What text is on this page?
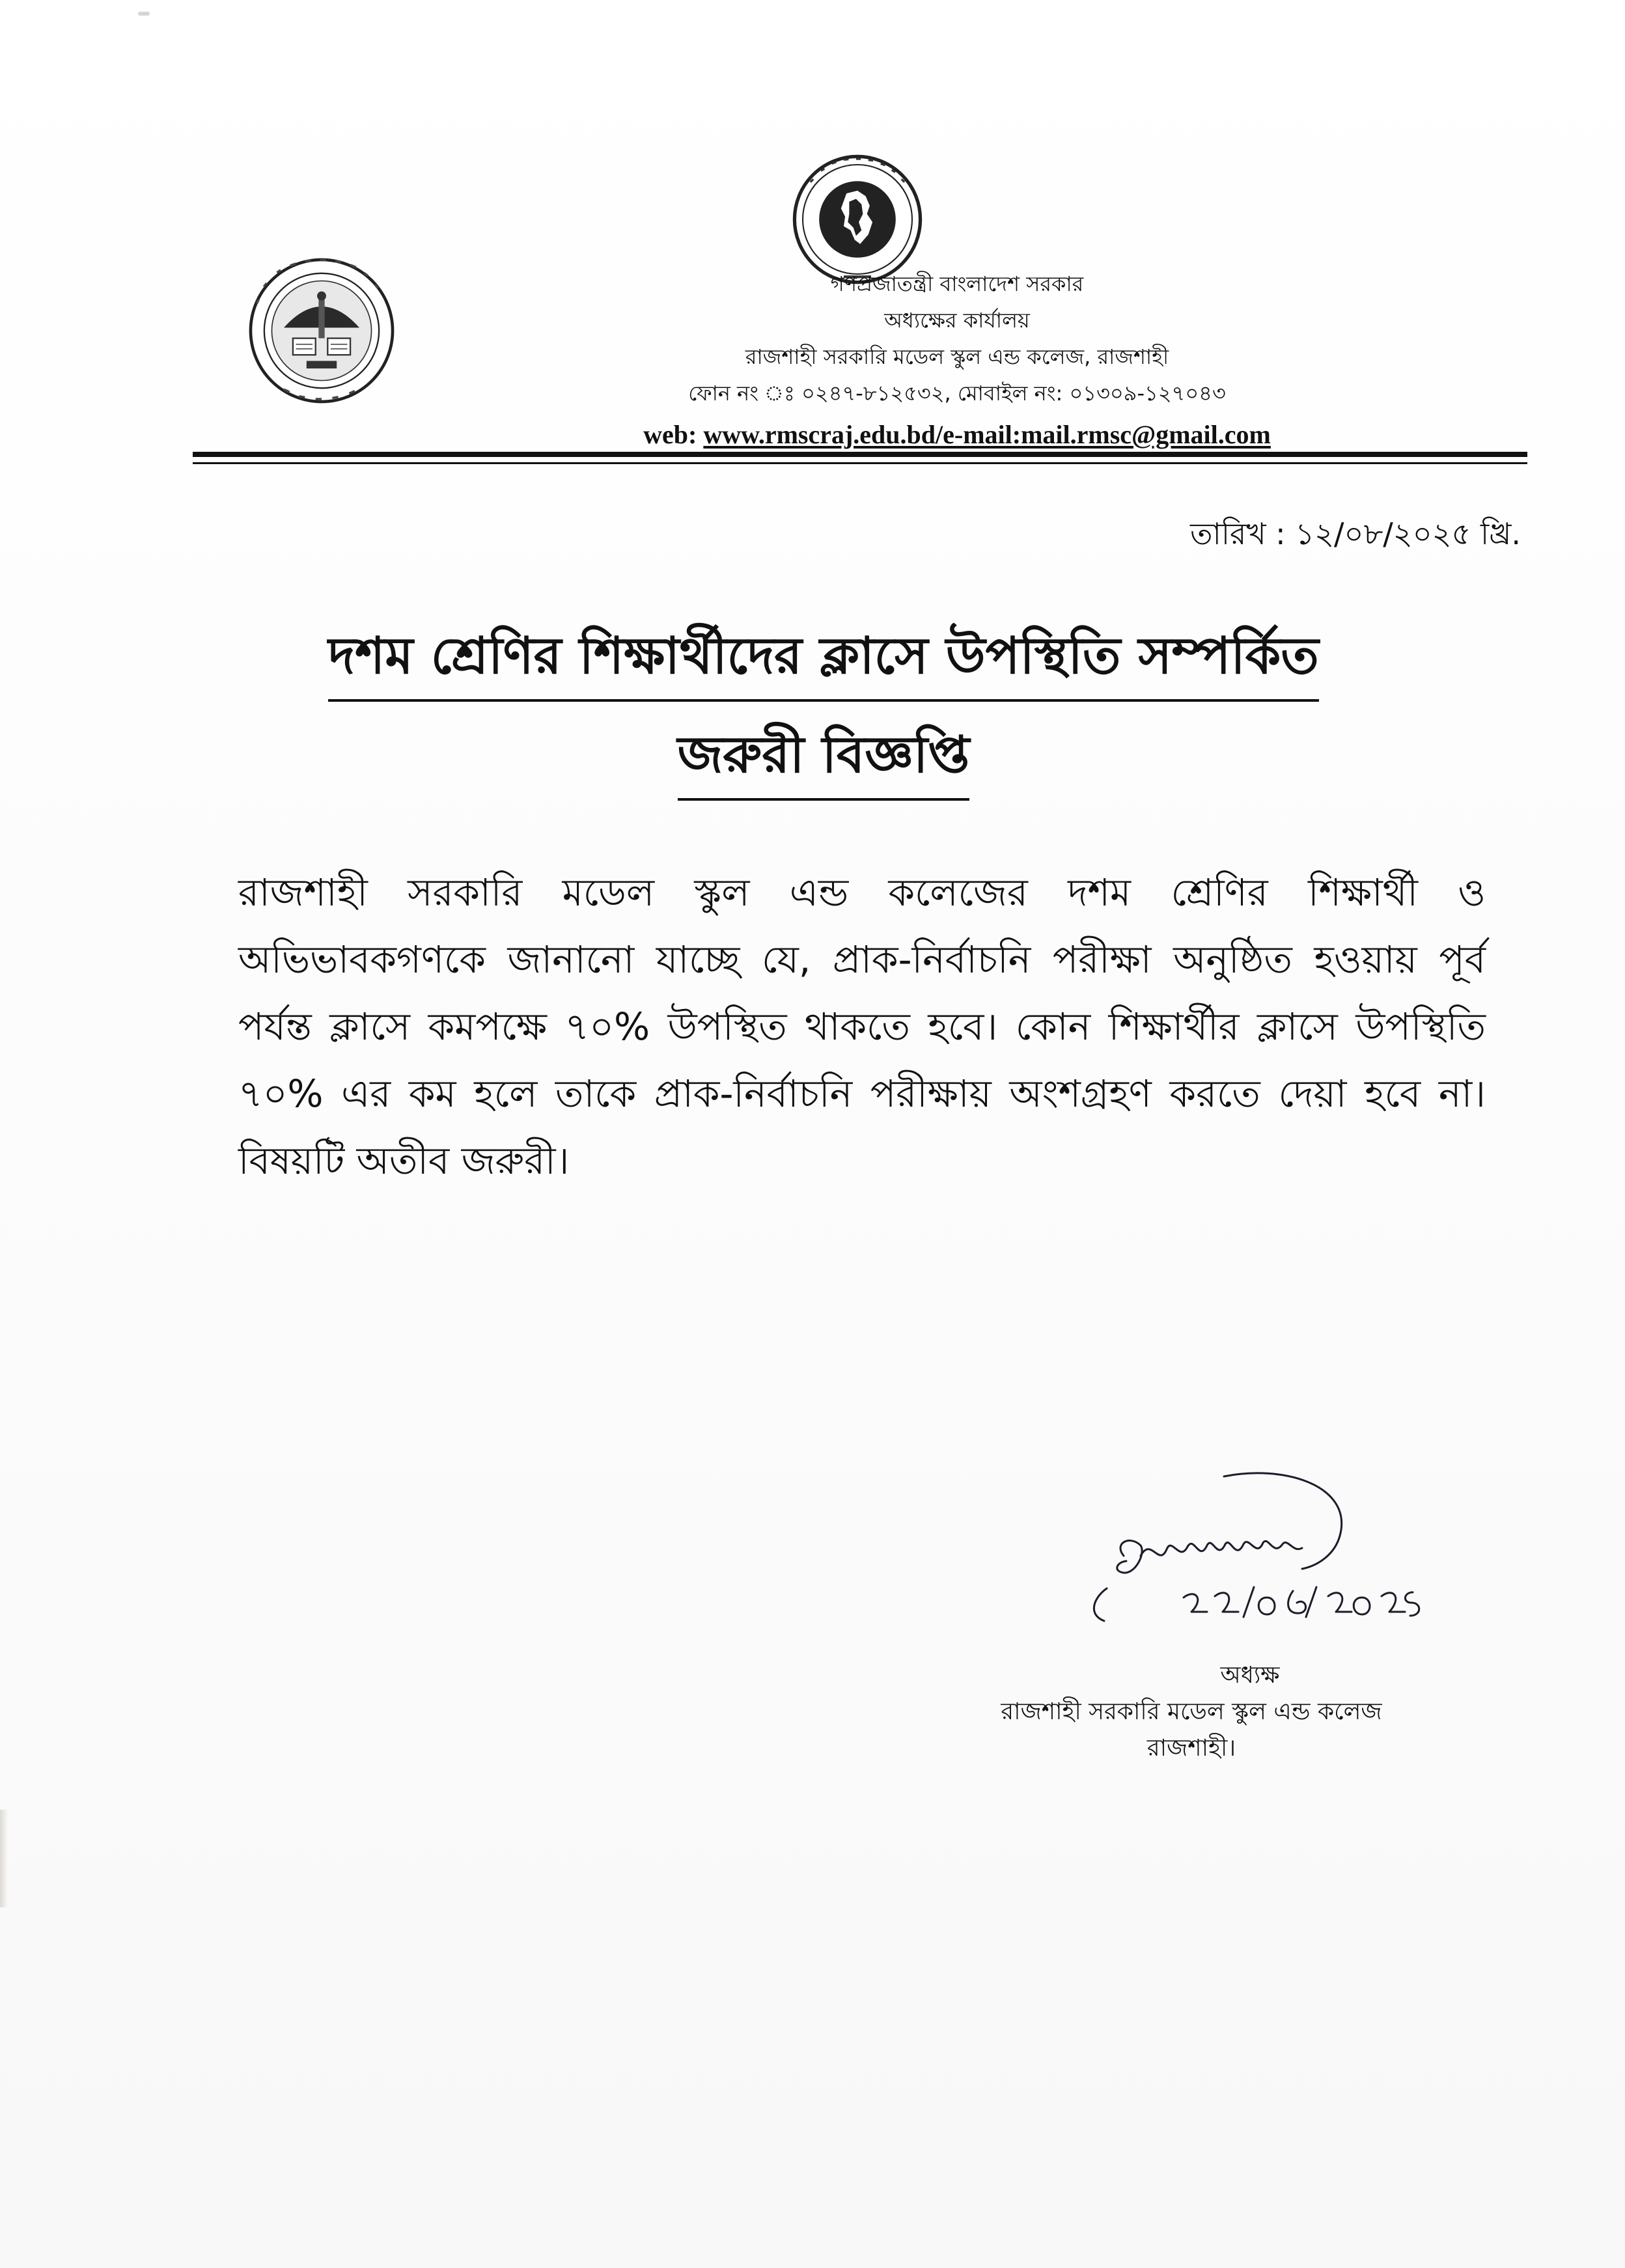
গণপ্রজাতন্ত্রী বাংলাদেশ সরকার
অধ্যক্ষের কার্যালয়
রাজশাহী সরকারি মডেল স্কুল এন্ড কলেজ, রাজশাহী
ফোন নং ঃ ০২৪৭-৮১২৫৩২, মোবাইল নং: ০১৩০৯-১২৭০৪৩
web: www.rmscraj.edu.bd/e-mail:mail.rmsc@gmail.com
তারিখ : ১২/০৮/২০২৫ খ্রি.
দশম শ্রেণির শিক্ষার্থীদের ক্লাসে উপস্থিতি সম্পর্কিত
জরুরী বিজ্ঞপ্তি
রাজশাহী সরকারি মডেল স্কুল এন্ড কলেজের দশম শ্রেণির শিক্ষার্থী ও অভিভাবকগণকে জানানো যাচ্ছে যে, প্রাক-নির্বাচনি পরীক্ষা অনুষ্ঠিত হওয়ায় পূর্ব পর্যন্ত ক্লাসে কমপক্ষে ৭০% উপস্থিত থাকতে হবে। কোন শিক্ষার্থীর ক্লাসে উপস্থিতি ৭০% এর কম হলে তাকে প্রাক-নির্বাচনি পরীক্ষায় অংশগ্রহণ করতে দেয়া হবে না। বিষয়টি অতীব জরুরী।
অধ্যক্ষ
রাজশাহী সরকারি মডেল স্কুল এন্ড কলেজ
রাজশাহী।
